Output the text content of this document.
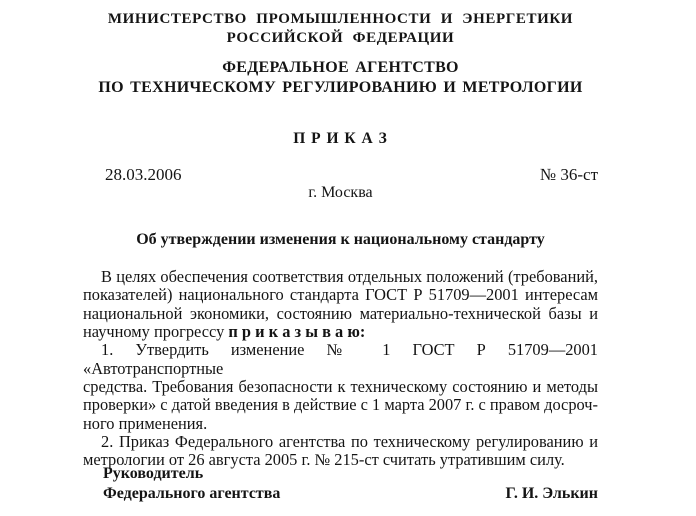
МИНИСТЕРСТВО ПРОМЫШЛЕННОСТИ И ЭНЕРГЕТИКИ
РОССИЙСКОЙ ФЕДЕРАЦИИ
ФЕДЕРАЛЬНОЕ АГЕНТСТВО
ПО ТЕХНИЧЕСКОМУ РЕГУЛИРОВАНИЮ И МЕТРОЛОГИИ
П Р И К А З
28.03.2006	№ 36-ст
г. Москва
Об утверждении изменения к национальному стандарту
В целях обеспечения соответствия отдельных положений (требований,
показателей) национального стандарта ГОСТ Р 51709—2001 интересам
национальной экономики, состоянию материально-технической базы и
научному прогрессу п р и к а з ы в а ю:
1. Утвердить изменение № 1 ГОСТ Р 51709—2001 «Автотранспортные
средства. Требования безопасности к техническому состоянию и методы
проверки» с датой введения в действие с 1 марта 2007 г. с правом досроч-
ного применения.
2. Приказ Федерального агентства по техническому регулированию и
метрологии от 26 августа 2005 г. № 215-ст считать утратившим силу.
Руководитель
Федерального агентства	Г. И. Элькин
